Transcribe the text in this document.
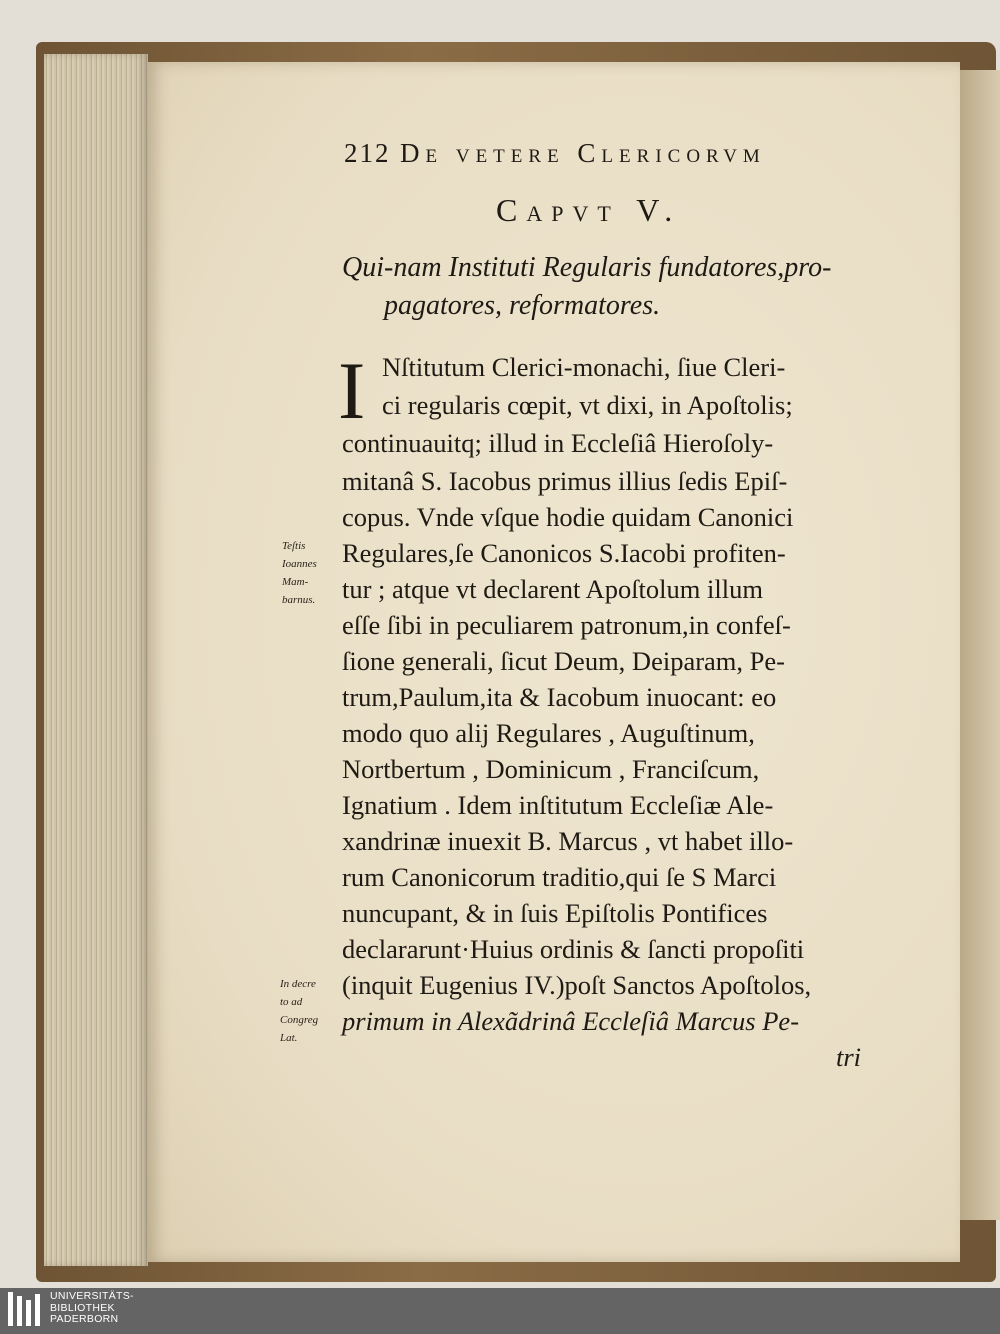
212 De vetere Clericorvm
Capvt V.
Qui-nam Instituti Regularis fundatores,pro-
pagatores, reformatores.
I Nſtitutum Clerici-monachi, ſiue Cleri-
ci regularis cœpit, vt dixi, in Apoſtolis;
continuauitq; illud in Eccleſiâ Hieroſoly-
mitanâ S. Iacobus primus illius ſedis Epiſ-
copus. Vnde vſque hodie quidam Canonici
Regulares,ſe Canonicos S.Iacobi profiten-
tur ; atque vt declarent Apoſtolum illum
eſſe ſibi in peculiarem patronum,in confeſ-
ſione generali, ſicut Deum, Deiparam, Pe-
trum,Paulum,ita & Iacobum inuocant: eo
modo quo alij Regulares , Auguſtinum,
Nortbertum , Dominicum , Franciſcum,
Ignatium . Idem inſtitutum Eccleſiæ Ale-
xandrinæ inuexit B. Marcus , vt habet illo-
rum Canonicorum traditio,qui ſe S Marci
nuncupant, & in ſuis Epiſtolis Pontifices
declararunt·Huius ordinis & ſancti propoſiti
(inquit Eugenius IV.)poſt Sanctos Apoſtolos,
primum in Alexãdrinâ Eccleſiâ Marcus Pe-
tri
Teſtis
Ioannes
Mam-
barnus.
In decre
to ad
Congreg
Lat.
UNIVERSITÄTS-
BIBLIOTHEK
PADERBORN
